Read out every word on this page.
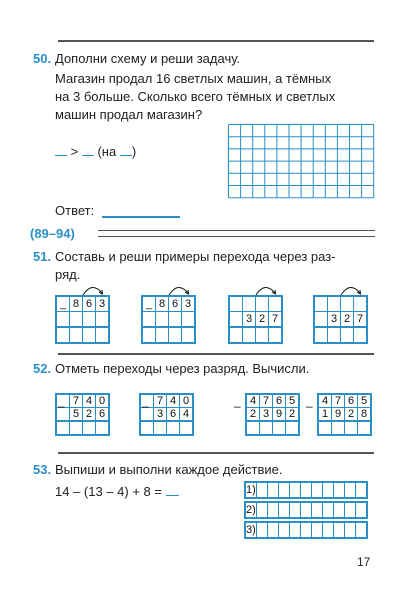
50. Дополни схему и реши задачу.
Магазин продал 16 светлых машин, а тёмных
на 3 больше. Сколько всего тёмных и светлых
машин продал магазин?
> (на )
Ответ:
(89–94)
51. Составь и реши примеры перехода через раз-
ряд.
_	8	6	3

				_	8	6	3

	3	2	7

		3	2	7

52. Отметь переходы через разряд. Вычисли.
	7	4	0
	5	2	6

–
		7	4	0
	3	6	4

–	4	7	6	5
2	3	9	2

–	4	7	6	5
1	9	2	8

–
53. Выпиши и выполни каждое действие.
14 – (13 – 4) + 8 =	1)										
2)										
3)										
17
